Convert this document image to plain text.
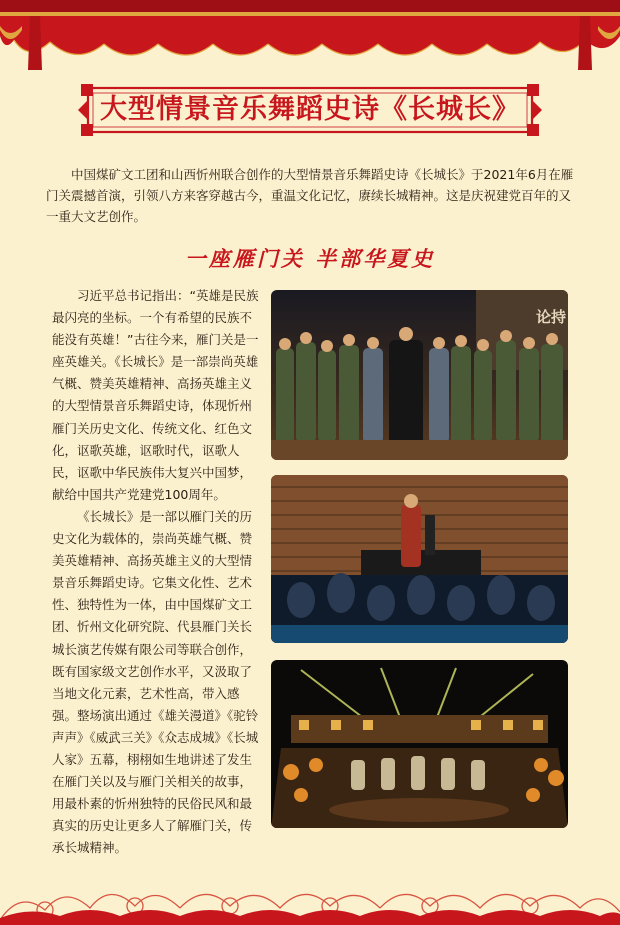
大型情景音乐舞蹈史诗《长城长》

中国煤矿文工团和山西忻州联合创作的大型情景音乐舞蹈史诗《长城长》于2021年6月在雁门关震撼首演，引领八方来客穿越古今，重温文化记忆，赓续长城精神。这是庆祝建党百年的又一重大文艺创作。

一座雁门关 半部华夏史

习近平总书记指出：“英雄是民族最闪亮的坐标。一个有希望的民族不能没有英雄！”古往今来，雁门关是一座英雄关。《长城长》是一部崇尚英雄气概、赞美英雄精神、高扬英雄主义的大型情景音乐舞蹈史诗，体现忻州雁门关历史文化、传统文化、红色文化，讴歌英雄，讴歌时代，讴歌人民，讴歌中华民族伟大复兴中国梦，献给中国共产党建党100周年。

《长城长》是一部以雁门关的历史文化为载体的，崇尚英雄气概、赞美英雄精神、高扬英雄主义的大型情景音乐舞蹈史诗。它集文化性、艺术性、独特性为一体，由中国煤矿文工团、忻州文化研究院、代县雁门关长城长演艺传媒有限公司等联合创作，既有国家级文艺创作水平，又汲取了当地文化元素，艺术性高，带入感强。整场演出通过《雄关漫道》《驼铃声声》《威武三关》《众志成城》《长城人家》五幕，栩栩如生地讲述了发生在雁门关以及与雁门关相关的故事，用最朴素的忻州独特的民俗民风和最真实的历史让更多人了解雁门关，传承长城精神。

论持
